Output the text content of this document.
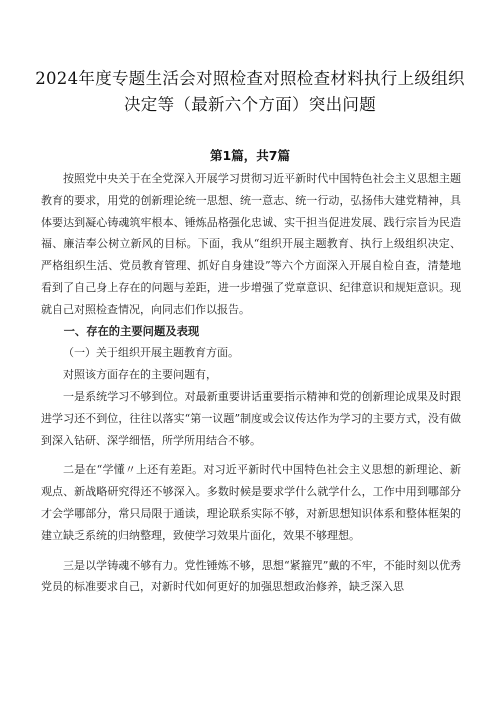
2024年度专题生活会对照检查对照检查材料执行上级组织决定等（最新六个方面）突出问题
第1篇，共7篇

按照党中央关于在全党深入开展学习贯彻习近平新时代中国特色社会主义思想主题教育的要求，用党的创新理论统一思想、统一意志、统一行动，弘扬伟大建党精神，具体要达到凝心铸魂筑牢根本、锤炼品格强化忠诚、实干担当促进发展、践行宗旨为民造福、廉洁奉公树立新风的目标。下面，我从“组织开展主题教育、执行上级组织决定、严格组织生活、党员教育管理、抓好自身建设”等六个方面深入开展自检自查，清楚地看到了自己身上存在的问题与差距，进一步增强了党章意识、纪律意识和规矩意识。现就自己对照检查情况，向同志们作以报告。

一、存在的主要问题及表现

（一）关于组织开展主题教育方面。

对照该方面存在的主要问题有，

一是系统学习不够到位。对最新重要讲话重要指示精神和党的创新理论成果及时跟进学习还不到位，往往以落实“第一议题”制度或会议传达作为学习的主要方式，没有做到深入钻研、深学细悟，所学所用结合不够。

二是在“学懂〃上还有差距。对习近平新时代中国特色社会主义思想的新理论、新观点、新战略研究得还不够深入。多数时候是要求学什么就学什么，工作中用到哪部分才会学哪部分，常只局限于通读，理论联系实际不够，对新思想知识体系和整体框架的建立缺乏系统的归纳整理，致使学习效果片面化，效果不够理想。

三是以学铸魂不够有力。党性锤炼不够，思想“紧箍咒”戴的不牢，不能时刻以优秀党员的标准要求自己，对新时代如何更好的加强思想政治修养，缺乏深入思
